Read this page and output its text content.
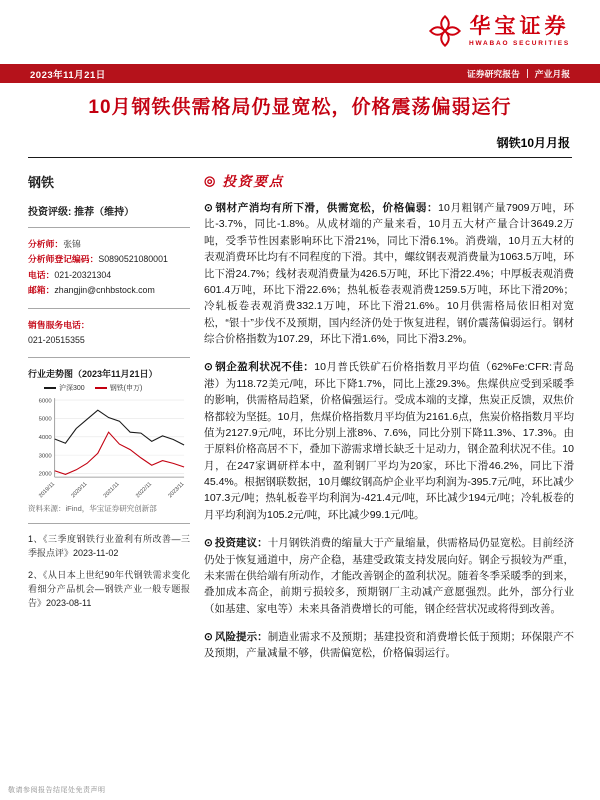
华宝证券
HWABAO SECURITIES
2023年11月21日	证券研究报告 产业月报
10月钢铁供需格局仍显宽松，价格震荡偏弱运行
钢铁10月月报
钢铁
投资评级: 推荐（维持）
分析师：张锦
分析师登记编码：S0890521080001
电话：021-20321304
邮箱：zhangjin@cnhbstock.com
销售服务电话：
021-20515355
行业走势图（2023年11月21日）
沪深300	钢铁(申万)
2000
3000
4000
5000
6000
2019/11	2020/11	2021/11	2022/11	2023/11
资料来源：iFind，华宝证券研究创新部
1、《三季度钢铁行业盈利有所改善—三季报点评》2023-11-02
2、《从日本上世纪90年代钢铁需求变化看细分产品机会—钢铁产业一般专题报告》2023-08-11
◎ 投资要点

⊙ 钢材产消均有所下滑，供需宽松，价格偏弱：10月粗钢产量7909万吨，环比-3.7%，同比-1.8%。从成材端的产量来看，10月五大材产量合计3649.2万吨，受季节性因素影响环比下滑21%，同比下滑6.1%。消费端，10月五大材的表观消费环比均有不同程度的下滑。其中，螺纹钢表观消费量为1063.5万吨，环比下滑24.7%；线材表观消费量为426.5万吨，环比下滑22.4%；中厚板表观消费601.4万吨，环比下滑22.6%；热轧板卷表观消费1259.5万吨，环比下滑20%；冷轧板卷表观消费332.1万吨，环比下滑21.6%。10月供需格局依旧相对宽松，“银十”步伐不及预期，国内经济仍处于恢复进程，钢价震荡偏弱运行。钢材综合价格指数为107.29，环比下滑1.6%，同比下滑3.2%。

⊙ 钢企盈利状况不佳：10月普氏铁矿石价格指数月平均值（62%Fe:CFR:青岛港）为118.72美元/吨，环比下降1.7%，同比上涨29.3%。焦煤供应受到采暖季的影响，供需格局趋紧，价格偏强运行。受成本端的支撑，焦炭正反馈，双焦价格都较为坚挺。10月，焦煤价格指数月平均值为2161.6点，焦炭价格指数月平均值为2127.9元/吨，环比分别上涨8%、7.6%，同比分别下降11.3%、17.3%。由于原料价格高居不下，叠加下游需求增长缺乏十足动力，钢企盈利状况不佳。10月，在247家调研样本中，盈利钢厂平均为20家，环比下滑46.2%，同比下滑45.4%。根据钢联数据，10月螺纹钢高炉企业平均利润为-395.7元/吨，环比减少107.3元/吨；热轧板卷平均利润为-421.4元/吨，环比减少194元/吨；冷轧板卷的月平均利润为105.2元/吨，环比减少99.1元/吨。

⊙ 投资建议：十月钢铁消费的缩量大于产量缩量，供需格局仍显宽松。目前经济仍处于恢复通道中，房产企稳，基建受政策支持发展向好。钢企亏损较为严重，未来需在供给端有所动作，才能改善钢企的盈利状况。随着冬季采暖季的到来，叠加成本高企，前期亏损较多，预期钢厂主动减产意愿强烈。此外，部分行业（如基建、家电等）未来具备消费增长的可能，钢企经营状况或将得到改善。

⊙ 风险提示：制造业需求不及预期；基建投资和消费增长低于预期；环保限产不及预期，产量减量不够，供需偏宽松，价格偏弱运行。

敬请参阅报告结尾处免责声明
